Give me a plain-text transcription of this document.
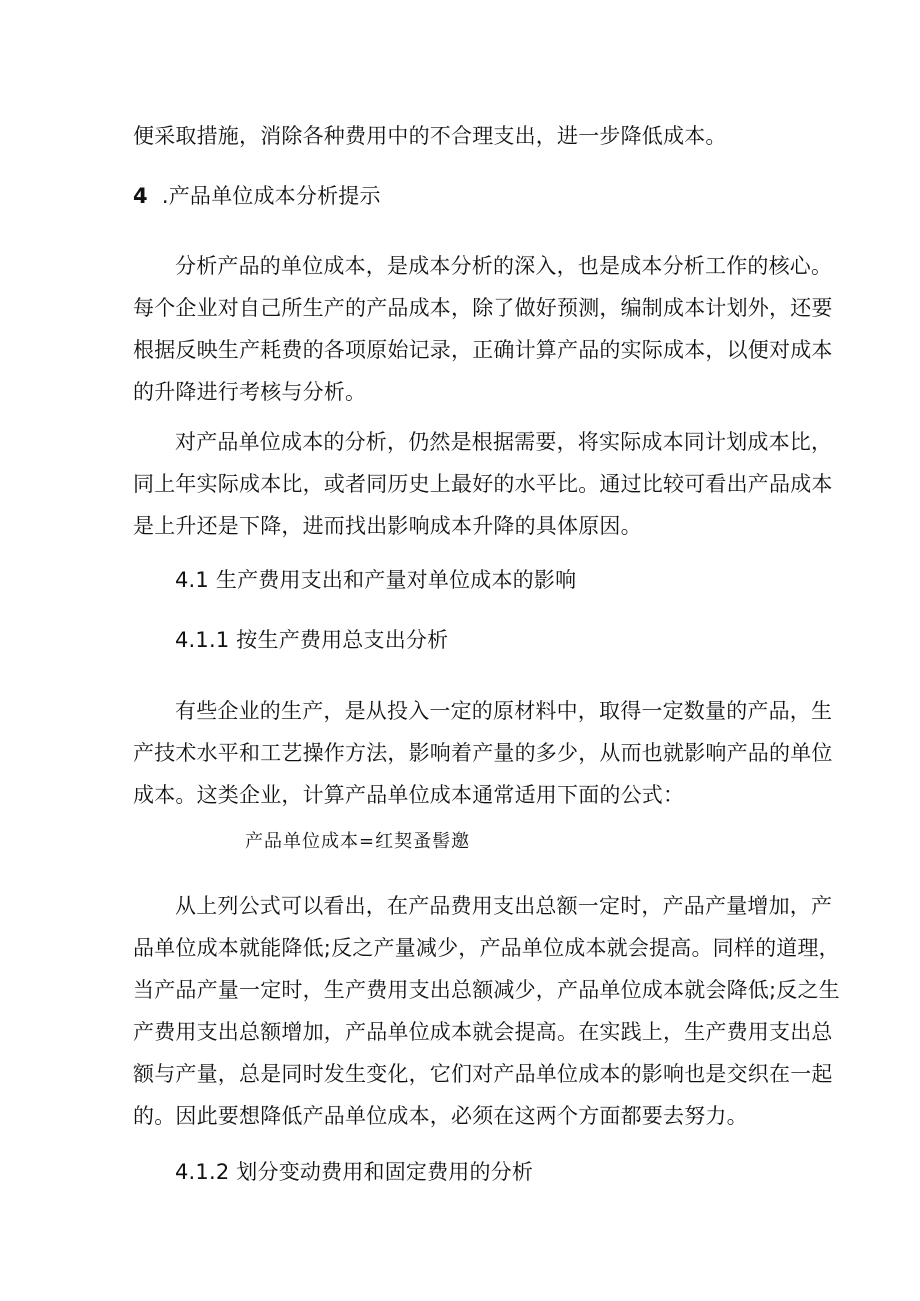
便采取措施，消除各种费用中的不合理支出，进一步降低成本。
4 .产品单位成本分析提示
分析产品的单位成本，是成本分析的深入，也是成本分析工作的核心。
每个企业对自己所生产的产品成本，除了做好预测，编制成本计划外，还要
根据反映生产耗费的各项原始记录，正确计算产品的实际成本，以便对成本
的升降进行考核与分析。
对产品单位成本的分析，仍然是根据需要，将实际成本同计划成本比，
同上年实际成本比，或者同历史上最好的水平比。通过比较可看出产品成本
是上升还是下降，进而找出影响成本升降的具体原因。
4.1 生产费用支出和产量对单位成本的影响
4.1.1 按生产费用总支出分析
有些企业的生产，是从投入一定的原材料中，取得一定数量的产品，生
产技术水平和工艺操作方法，影响着产量的多少，从而也就影响产品的单位
成本。这类企业，计算产品单位成本通常适用下面的公式：
产品单位成本=红契蚤髻邀
从上列公式可以看出，在产品费用支出总额一定时，产品产量增加，产
品单位成本就能降低;反之产量减少，产品单位成本就会提高。同样的道理，
当产品产量一定时，生产费用支出总额减少，产品单位成本就会降低;反之生
产费用支出总额增加，产品单位成本就会提高。在实践上，生产费用支出总
额与产量，总是同时发生变化，它们对产品单位成本的影响也是交织在一起
的。因此要想降低产品单位成本，必须在这两个方面都要去努力。
4.1.2 划分变动费用和固定费用的分析
